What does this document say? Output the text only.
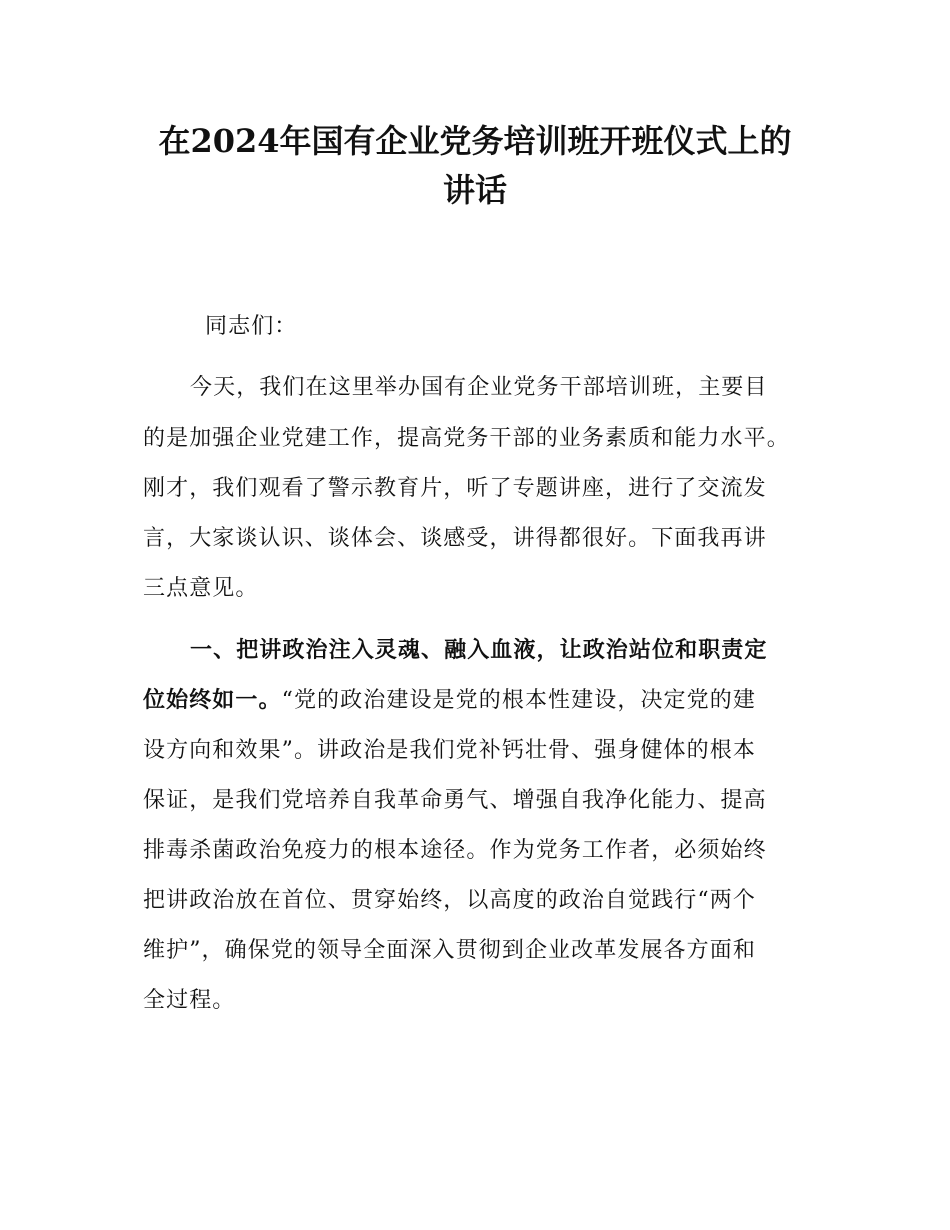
在2024年国有企业党务培训班开班仪式上的
讲话
同志们：
今天，我们在这里举办国有企业党务干部培训班，主要目
的是加强企业党建工作，提高党务干部的业务素质和能力水平。
刚才，我们观看了警示教育片，听了专题讲座，进行了交流发
言，大家谈认识、谈体会、谈感受，讲得都很好。下面我再讲
三点意见。
一、把讲政治注入灵魂、融入血液，让政治站位和职责定
位始终如一。“党的政治建设是党的根本性建设，决定党的建
设方向和效果”。讲政治是我们党补钙壮骨、强身健体的根本
保证，是我们党培养自我革命勇气、增强自我净化能力、提高
排毒杀菌政治免疫力的根本途径。作为党务工作者，必须始终
把讲政治放在首位、贯穿始终，以高度的政治自觉践行“两个
维护”，确保党的领导全面深入贯彻到企业改革发展各方面和
全过程。
